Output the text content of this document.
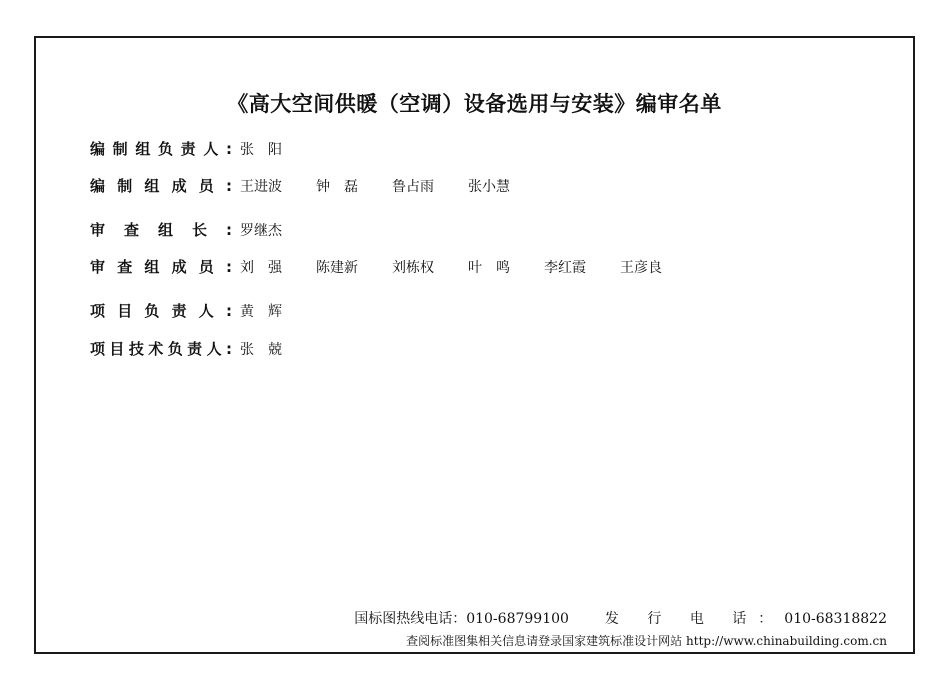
《高大空间供暖（空调）设备选用与安装》编审名单
编制组负责人: 张　阳
编制组成员: 王进波 钟　磊 鲁占雨 张小慧
审查组长: 罗继杰
审查组成员: 刘　强 陈建新 刘栋权 叶　鸣 李红霞 王彦良
项目负责人: 黄　辉
项目技术负责人: 张　兢
国标图热线电话：010-68799100	发 行 电 话：010-68318822
查阅标准图集相关信息请登录国家建筑标准设计网站 http://www.chinabuilding.com.cn
